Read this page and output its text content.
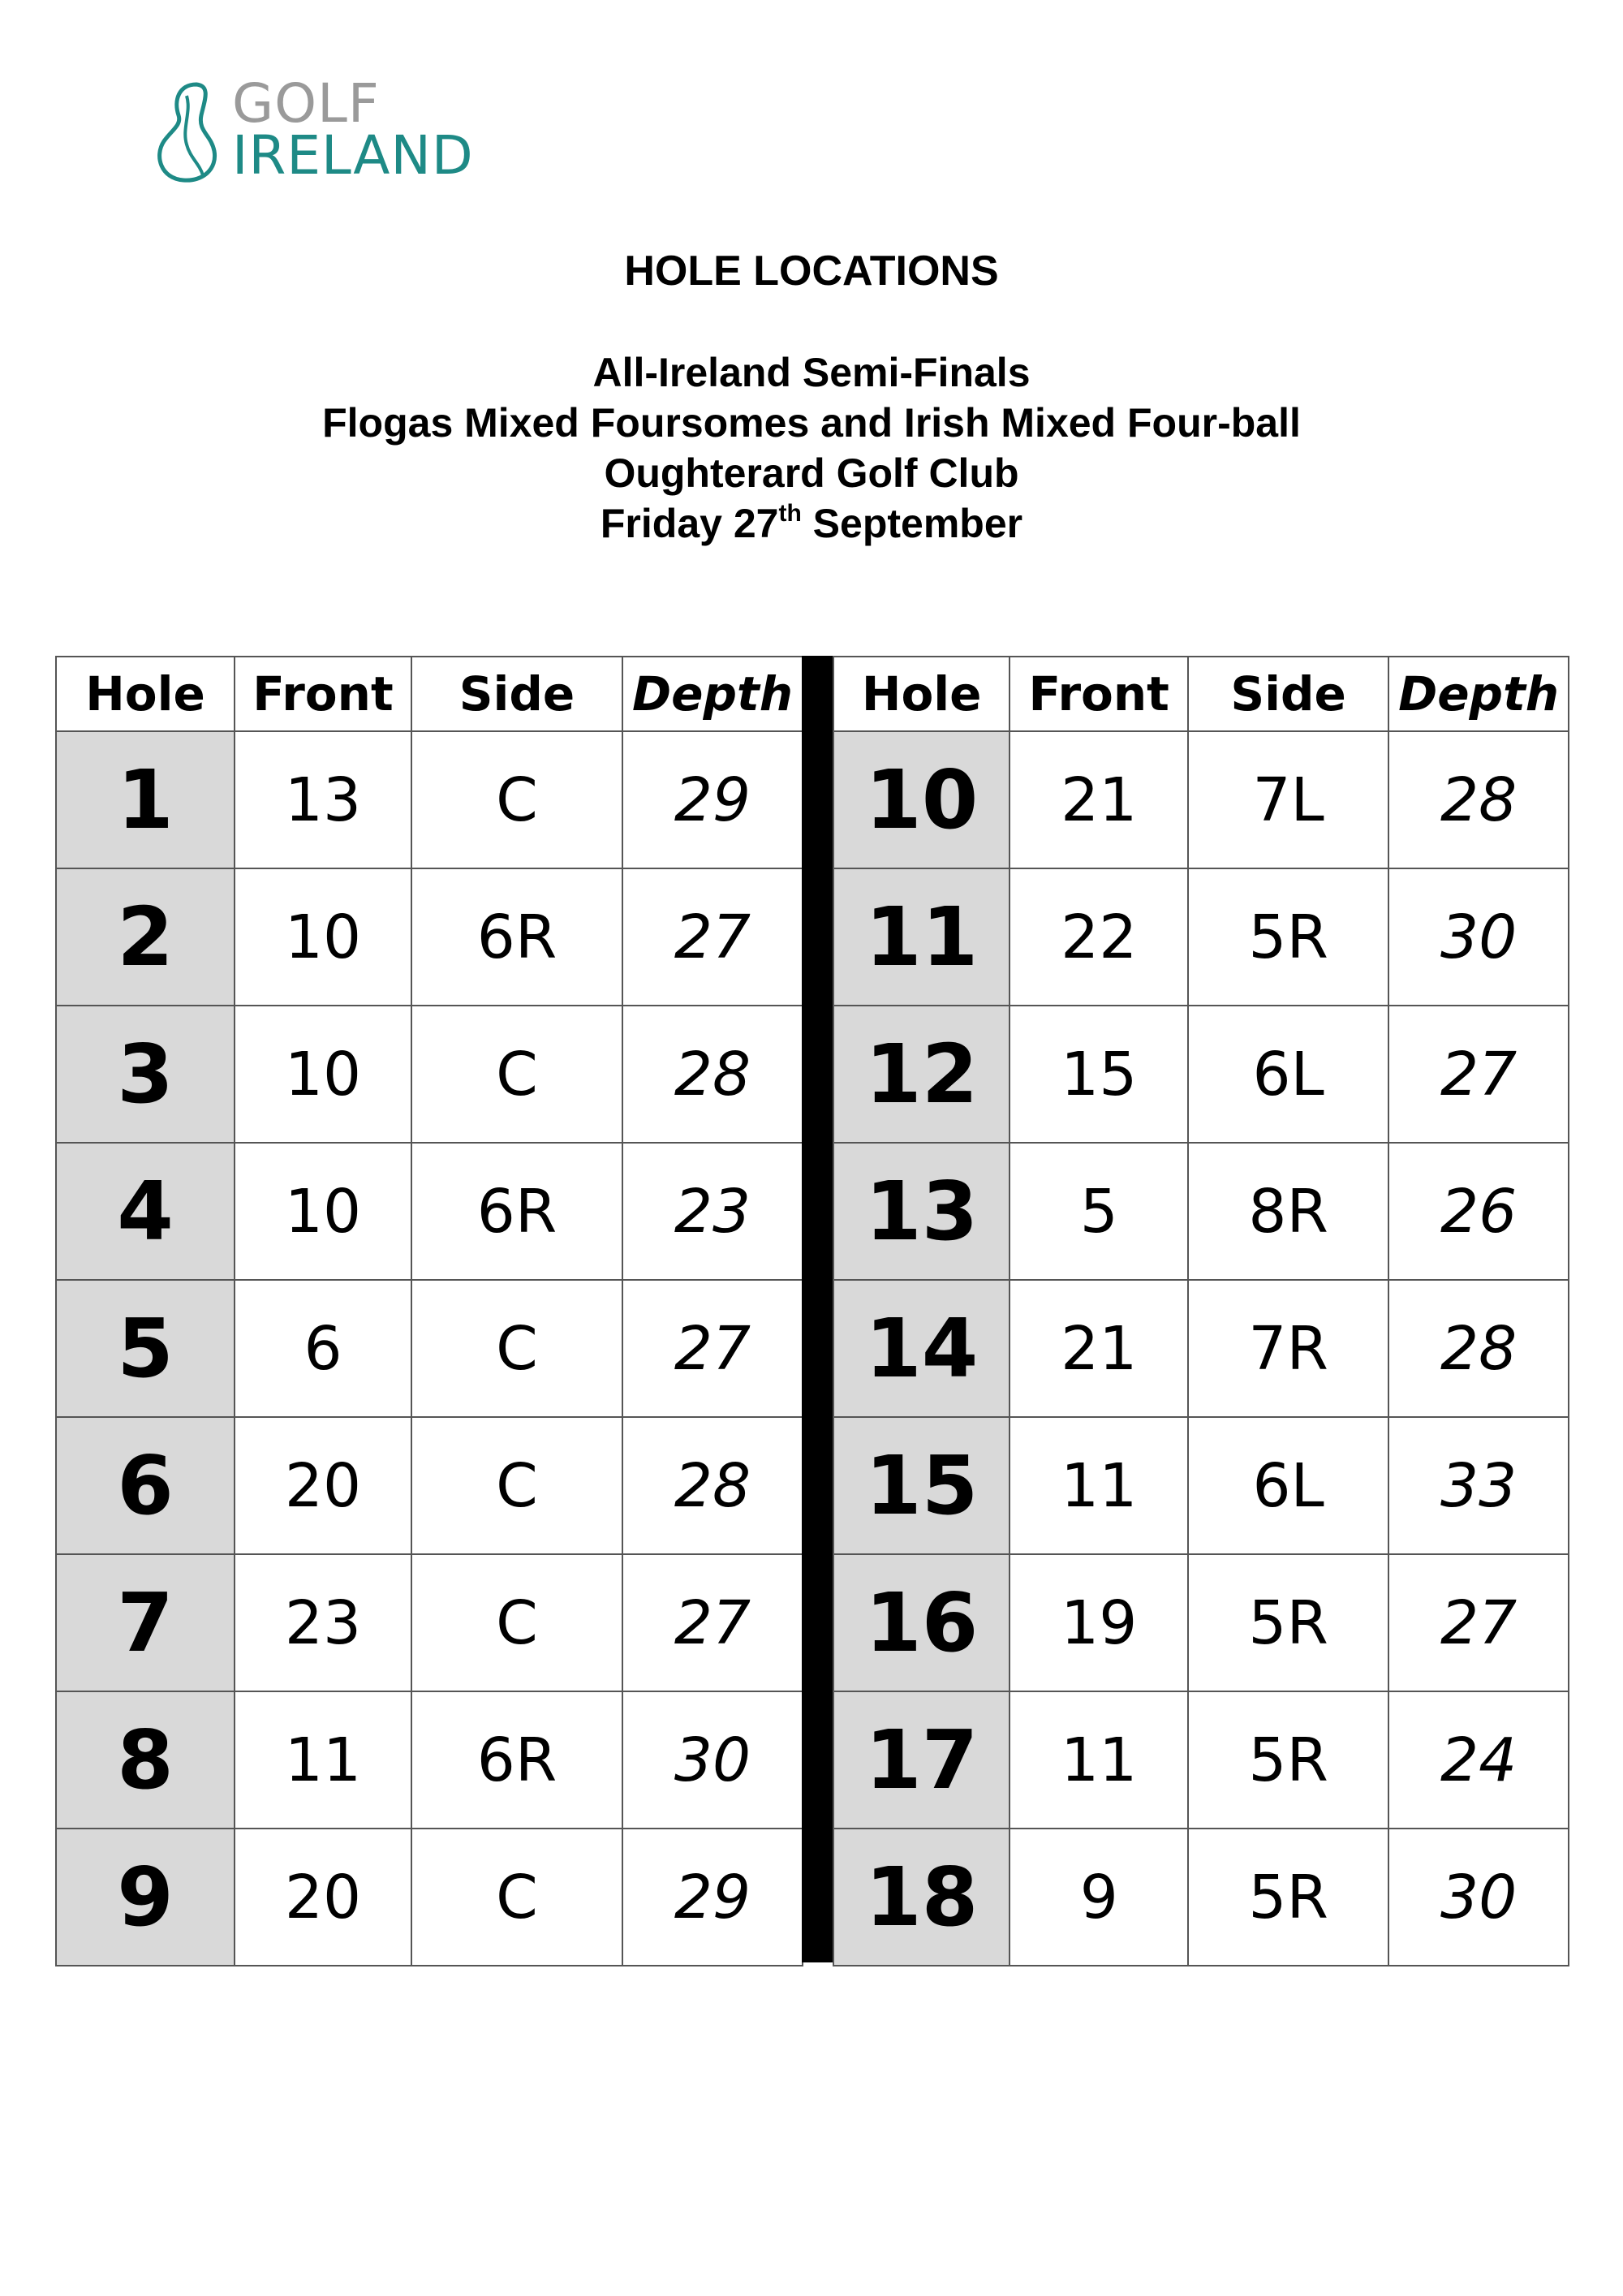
GOLF
IRELAND
HOLE LOCATIONS
All-Ireland Semi-Finals
Flogas Mixed Foursomes and Irish Mixed Four-ball
Oughterard Golf Club
Friday 27th September
Hole	Front	Side	Depth
1	13	C	29
2	10	6R	27
3	10	C	28
4	10	6R	23
5	6	C	27
6	20	C	28
7	23	C	27
8	11	6R	30
9	20	C	29
Hole	Front	Side	Depth
10	21	7L	28
11	22	5R	30
12	15	6L	27
13	5	8R	26
14	21	7R	28
15	11	6L	33
16	19	5R	27
17	11	5R	24
18	9	5R	30
